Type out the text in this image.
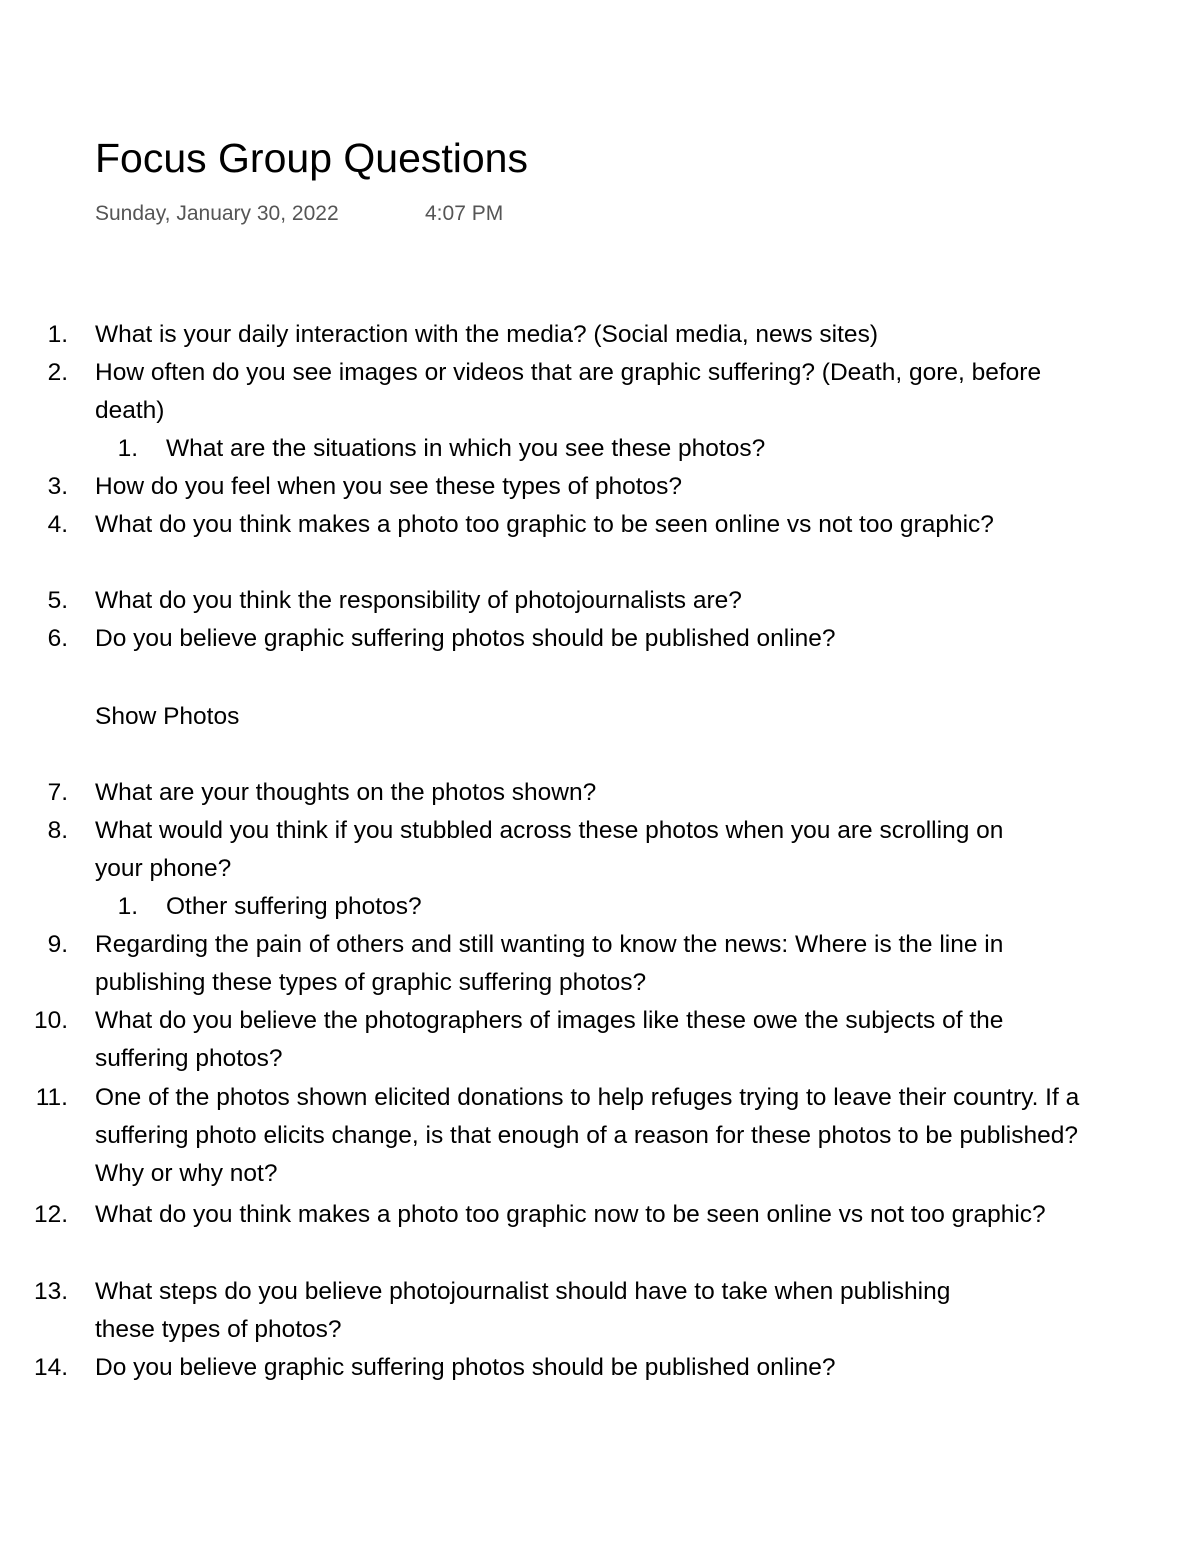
Focus Group Questions
Sunday, January 30, 2022	4:07 PM
1. What is your daily interaction with the media? (Social media, news sites)
2. How often do you see images or videos that are graphic suffering? (Death, gore, before death)
1. What are the situations in which you see these photos?
3. How do you feel when you see these types of photos?
4. What do you think makes a photo too graphic to be seen online vs not too graphic?
5. What do you think the responsibility of photojournalists are?
6. Do you believe graphic suffering photos should be published online?
Show Photos
7. What are your thoughts on the photos shown?
8. What would you think if you stubbled across these photos when you are scrolling on your phone?
1. Other suffering photos?
9. Regarding the pain of others and still wanting to know the news: Where is the line in publishing these types of graphic suffering photos?
10. What do you believe the photographers of images like these owe the subjects of the suffering photos?
11. One of the photos shown elicited donations to help refuges trying to leave their country. If a suffering photo elicits change, is that enough of a reason for these photos to be published? Why or why not?
12. What do you think makes a photo too graphic now to be seen online vs not too graphic?
13. What steps do you believe photojournalist should have to take when publishing these types of photos?
14. Do you believe graphic suffering photos should be published online?
